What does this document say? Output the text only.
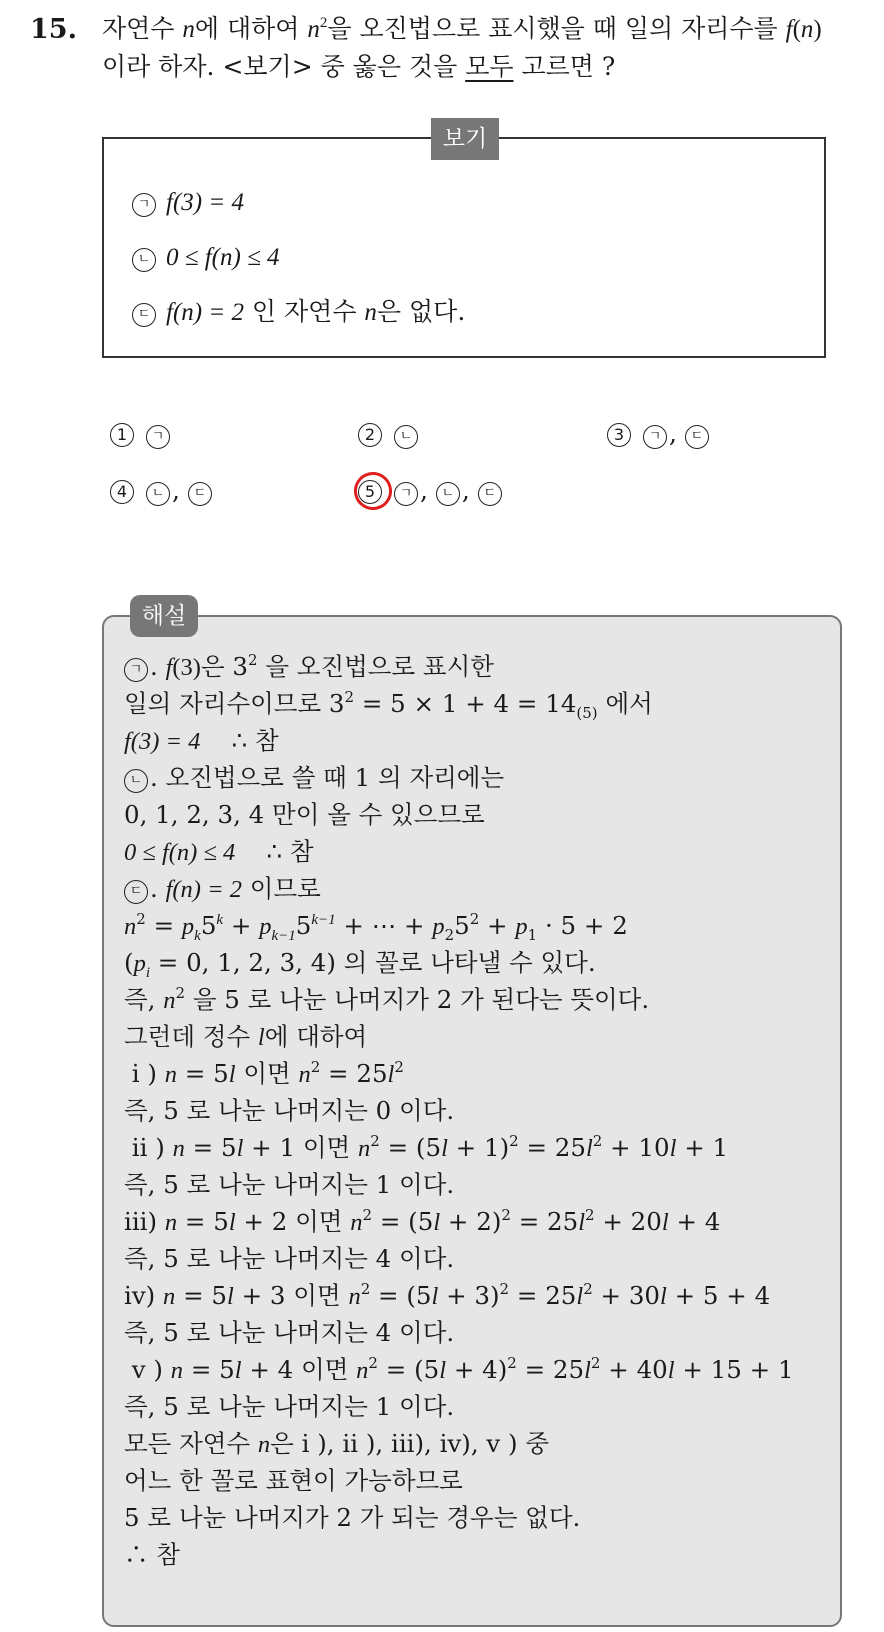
15. 자연수 n에 대하여 $n^2$을 오진법으로 표시했을 때 일의 자리수를 f(n)
이라 하자. <보기> 중 옳은 것을 모두 고르면 ?
보기
ㄱ f(3) = 4
ㄴ 0 ≤ f(n) ≤ 4
ㄷ f(n) = 2 인 자연수 n은 없다.
1 ㄱ	2 ㄴ	3 ㄱ , ㄷ
4 ㄴ , ㄷ	5 ㄱ , ㄴ , ㄷ
해설
ㄱ . f(3)은 $3^2$ 을 오진법으로 표시한
일의 자리수이므로 $3^2 = 5 \times 1 + 4 = 14_{(5)}$ 에서
f(3) = 4 ∴ 참
ㄴ . 오진법으로 쓸 때 1 의 자리에는
0, 1, 2, 3, 4 만이 올 수 있으므로
0 ≤ f(n) ≤ 4 ∴ 참
ㄷ . f(n) = 2 이므로
$n^2 = p_k5^k + p_{k-1}5^{k-1}$ + ⋯ + $p_25^2 + p_1 \cdot 5 + 2$
($p_i = 0$, 1, 2, 3, 4) 의 꼴로 나타낼 수 있다.
즉, $n^2$ 을 5 로 나눈 나머지가 2 가 된다는 뜻이다.
그런데 정수 l에 대하여
i ) n = 5l 이면 $n^2 = 25l^2$
즉, 5 로 나눈 나머지는 0 이다.
ii ) n = 5l + 1 이면 $n^2 = (5l + 1)^2 = 25l^2 + 10l + 1$
즉, 5 로 나눈 나머지는 1 이다.
iii) n = 5l + 2 이면 $n^2 = (5l + 2)^2 = 25l^2 + 20l + 4$
즉, 5 로 나눈 나머지는 4 이다.
iv) n = 5l + 3 이면 $n^2 = (5l + 3)^2 = 25l^2 + 30l + 5 + 4$
즉, 5 로 나눈 나머지는 4 이다.
v ) n = 5l + 4 이면 $n^2 = (5l + 4)^2 = 25l^2 + 40l + 15 + 1$
즉, 5 로 나눈 나머지는 1 이다.
모든 자연수 n은 i ), ii ), iii), iv), v ) 중
어느 한 꼴로 표현이 가능하므로
5 로 나눈 나머지가 2 가 되는 경우는 없다.
∴ 참
